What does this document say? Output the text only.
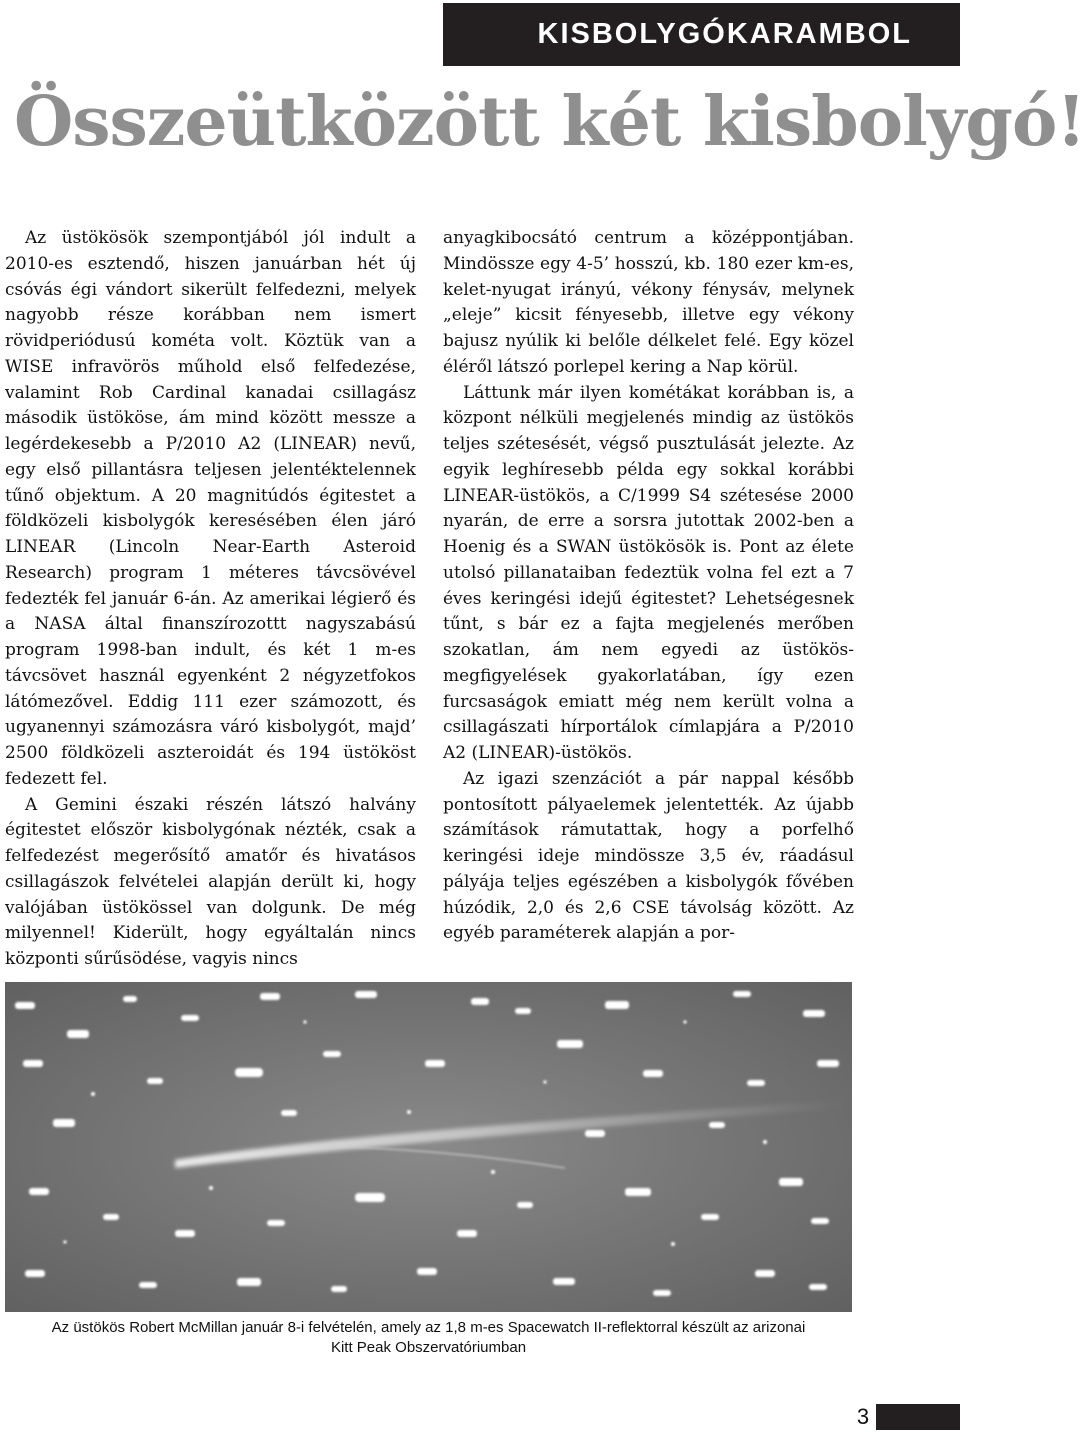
KISBOLYGÓKARAMBOL
Összeütközött két kisbolygó!

Az üstökösök szempontjából jól indult a 2010-es esztendő, hiszen januárban hét új csóvás égi vándort sikerült felfedezni, melyek nagyobb része korábban nem ismert rövidperiódusú kométa volt. Köztük van a WISE infravörös műhold első felfedezése, valamint Rob Cardinal kanadai csillagász második üstököse, ám mind között messze a legérdekesebb a P/2010 A2 (LINEAR) nevű, egy első pillantásra teljesen jelentéktelennek tűnő objektum. A 20 magnitúdós égitestet a földközeli kisbolygók keresésében élen járó LINEAR (Lincoln Near-Earth Asteroid Research) program 1 méteres távcsövével fedezték fel január 6-án. Az amerikai légierő és a NASA által finanszírozottt nagyszabású program 1998-ban indult, és két 1 m-es távcsövet használ egyenként 2 négyzetfokos látómezővel. Eddig 111 ezer számozott, és ugyanennyi számozásra váró kisbolygót, majd’ 2500 földközeli aszteroidát és 194 üstököst fedezett fel.

A Gemini északi részén látszó halvány égitestet először kisbolygónak nézték, csak a felfedezést megerősítő amatőr és hivatásos csillagászok felvételei alapján derült ki, hogy valójában üstökössel van dolgunk. De még milyennel! Kiderült, hogy egyáltalán nincs központi sűrűsödése, vagyis nincs

anyagkibocsátó centrum a középpontjában. Mindössze egy 4-5’ hosszú, kb. 180 ezer km-es, kelet-nyugat irányú, vékony fénysáv, melynek „eleje” kicsit fényesebb, illetve egy vékony bajusz nyúlik ki belőle délkelet felé. Egy közel éléről látszó porlepel kering a Nap körül.

Láttunk már ilyen kométákat korábban is, a központ nélküli megjelenés mindig az üstökös teljes szétesését, végső pusztulását jelezte. Az egyik leghíresebb példa egy sokkal korábbi LINEAR-üstökös, a C/1999 S4 szétesése 2000 nyarán, de erre a sorsra jutottak 2002-ben a Hoenig és a SWAN üstökösök is. Pont az élete utolsó pillanataiban fedeztük volna fel ezt a 7 éves keringési idejű égitestet? Lehetségesnek tűnt, s bár ez a fajta megjelenés merőben szokatlan, ám nem egyedi az üstökös-megfigyelések gyakorlatában, így ezen furcsaságok emiatt még nem került volna a csillagászati hírportálok címlapjára a P/2010 A2 (LINEAR)-üstökös.

Az igazi szenzációt a pár nappal később pontosított pályaelemek jelentették. Az újabb számítások rámutattak, hogy a porfelhő keringési ideje mindössze 3,5 év, ráadásul pályája teljes egészében a kisbolygók fővében húzódik, 2,0 és 2,6 CSE távolság között. Az egyéb paraméterek alapján a por-

Az üstökös Robert McMillan január 8-i felvételén, amely az 1,8 m-es Spacewatch II-reflektorral készült az arizonai
Kitt Peak Obszervatóriumban
3
